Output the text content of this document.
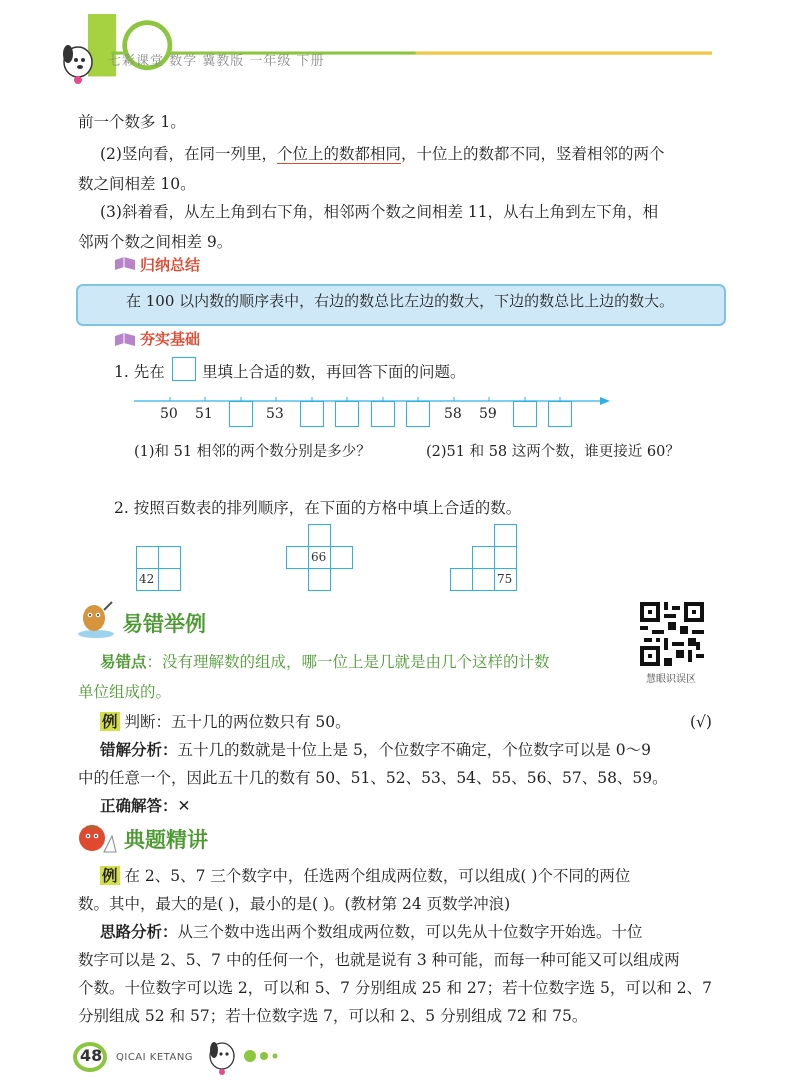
七彩课堂 数学 冀教版 一年级 下册
前一个数多 1。
(2)竖向看，在同一列里，个位上的数都相同，十位上的数都不同，竖着相邻的两个
数之间相差 10。
(3)斜着看，从左上角到右下角，相邻两个数之间相差 11，从右上角到左下角，相
邻两个数之间相差 9。
归纳总结
在 100 以内数的顺序表中，右边的数总比左边的数大，下边的数总比上边的数大。
夯实基础
1. 先在 里填上合适的数，再回答下面的问题。
50 51	53	58 59
(1)和 51 相邻的两个数分别是多少？	(2)51 和 58 这两个数，谁更接近 60？
2. 按照百数表的排列顺序，在下面的方格中填上合适的数。
42
66
75
易错举例
慧眼识误区
易错点：没有理解数的组成，哪一位上是几就是由几个这样的计数
单位组成的。
例 判断：五十几的两位数只有 50。	(√)
错解分析：五十几的数就是十位上是 5，个位数字不确定，个位数字可以是 0～9
中的任意一个，因此五十几的数有 50、51、52、53、54、55、56、57、58、59。
正确解答：✕
典题精讲
例 在 2、5、7 三个数字中，任选两个组成两位数，可以组成( )个不同的两位
数。其中，最大的是( )，最小的是( )。(教材第 24 页数学冲浪)
思路分析：从三个数中选出两个数组成两位数，可以先从十位数字开始选。十位
数字可以是 2、5、7 中的任何一个，也就是说有 3 种可能，而每一种可能又可以组成两
个数。十位数字可以选 2，可以和 5、7 分别组成 25 和 27；若十位数字选 5，可以和 2、7
分别组成 52 和 57；若十位数字选 7，可以和 2、5 分别组成 72 和 75。
48 QICAI KETANG
